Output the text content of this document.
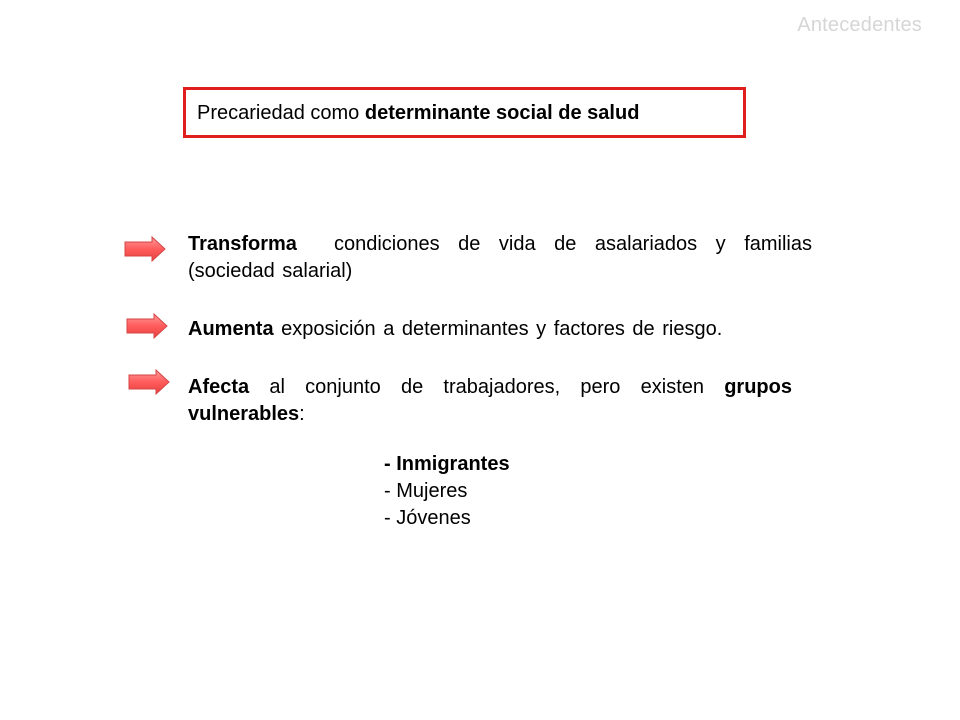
Antecedentes
Precariedad como determinante social de salud
Transforma  condiciones de vida de asalariados y familias
(sociedad salarial)
Aumenta exposición a determinantes y factores de riesgo.
Afecta al conjunto de trabajadores, pero existen grupos
vulnerables:
- Inmigrantes
- Mujeres
- Jóvenes
